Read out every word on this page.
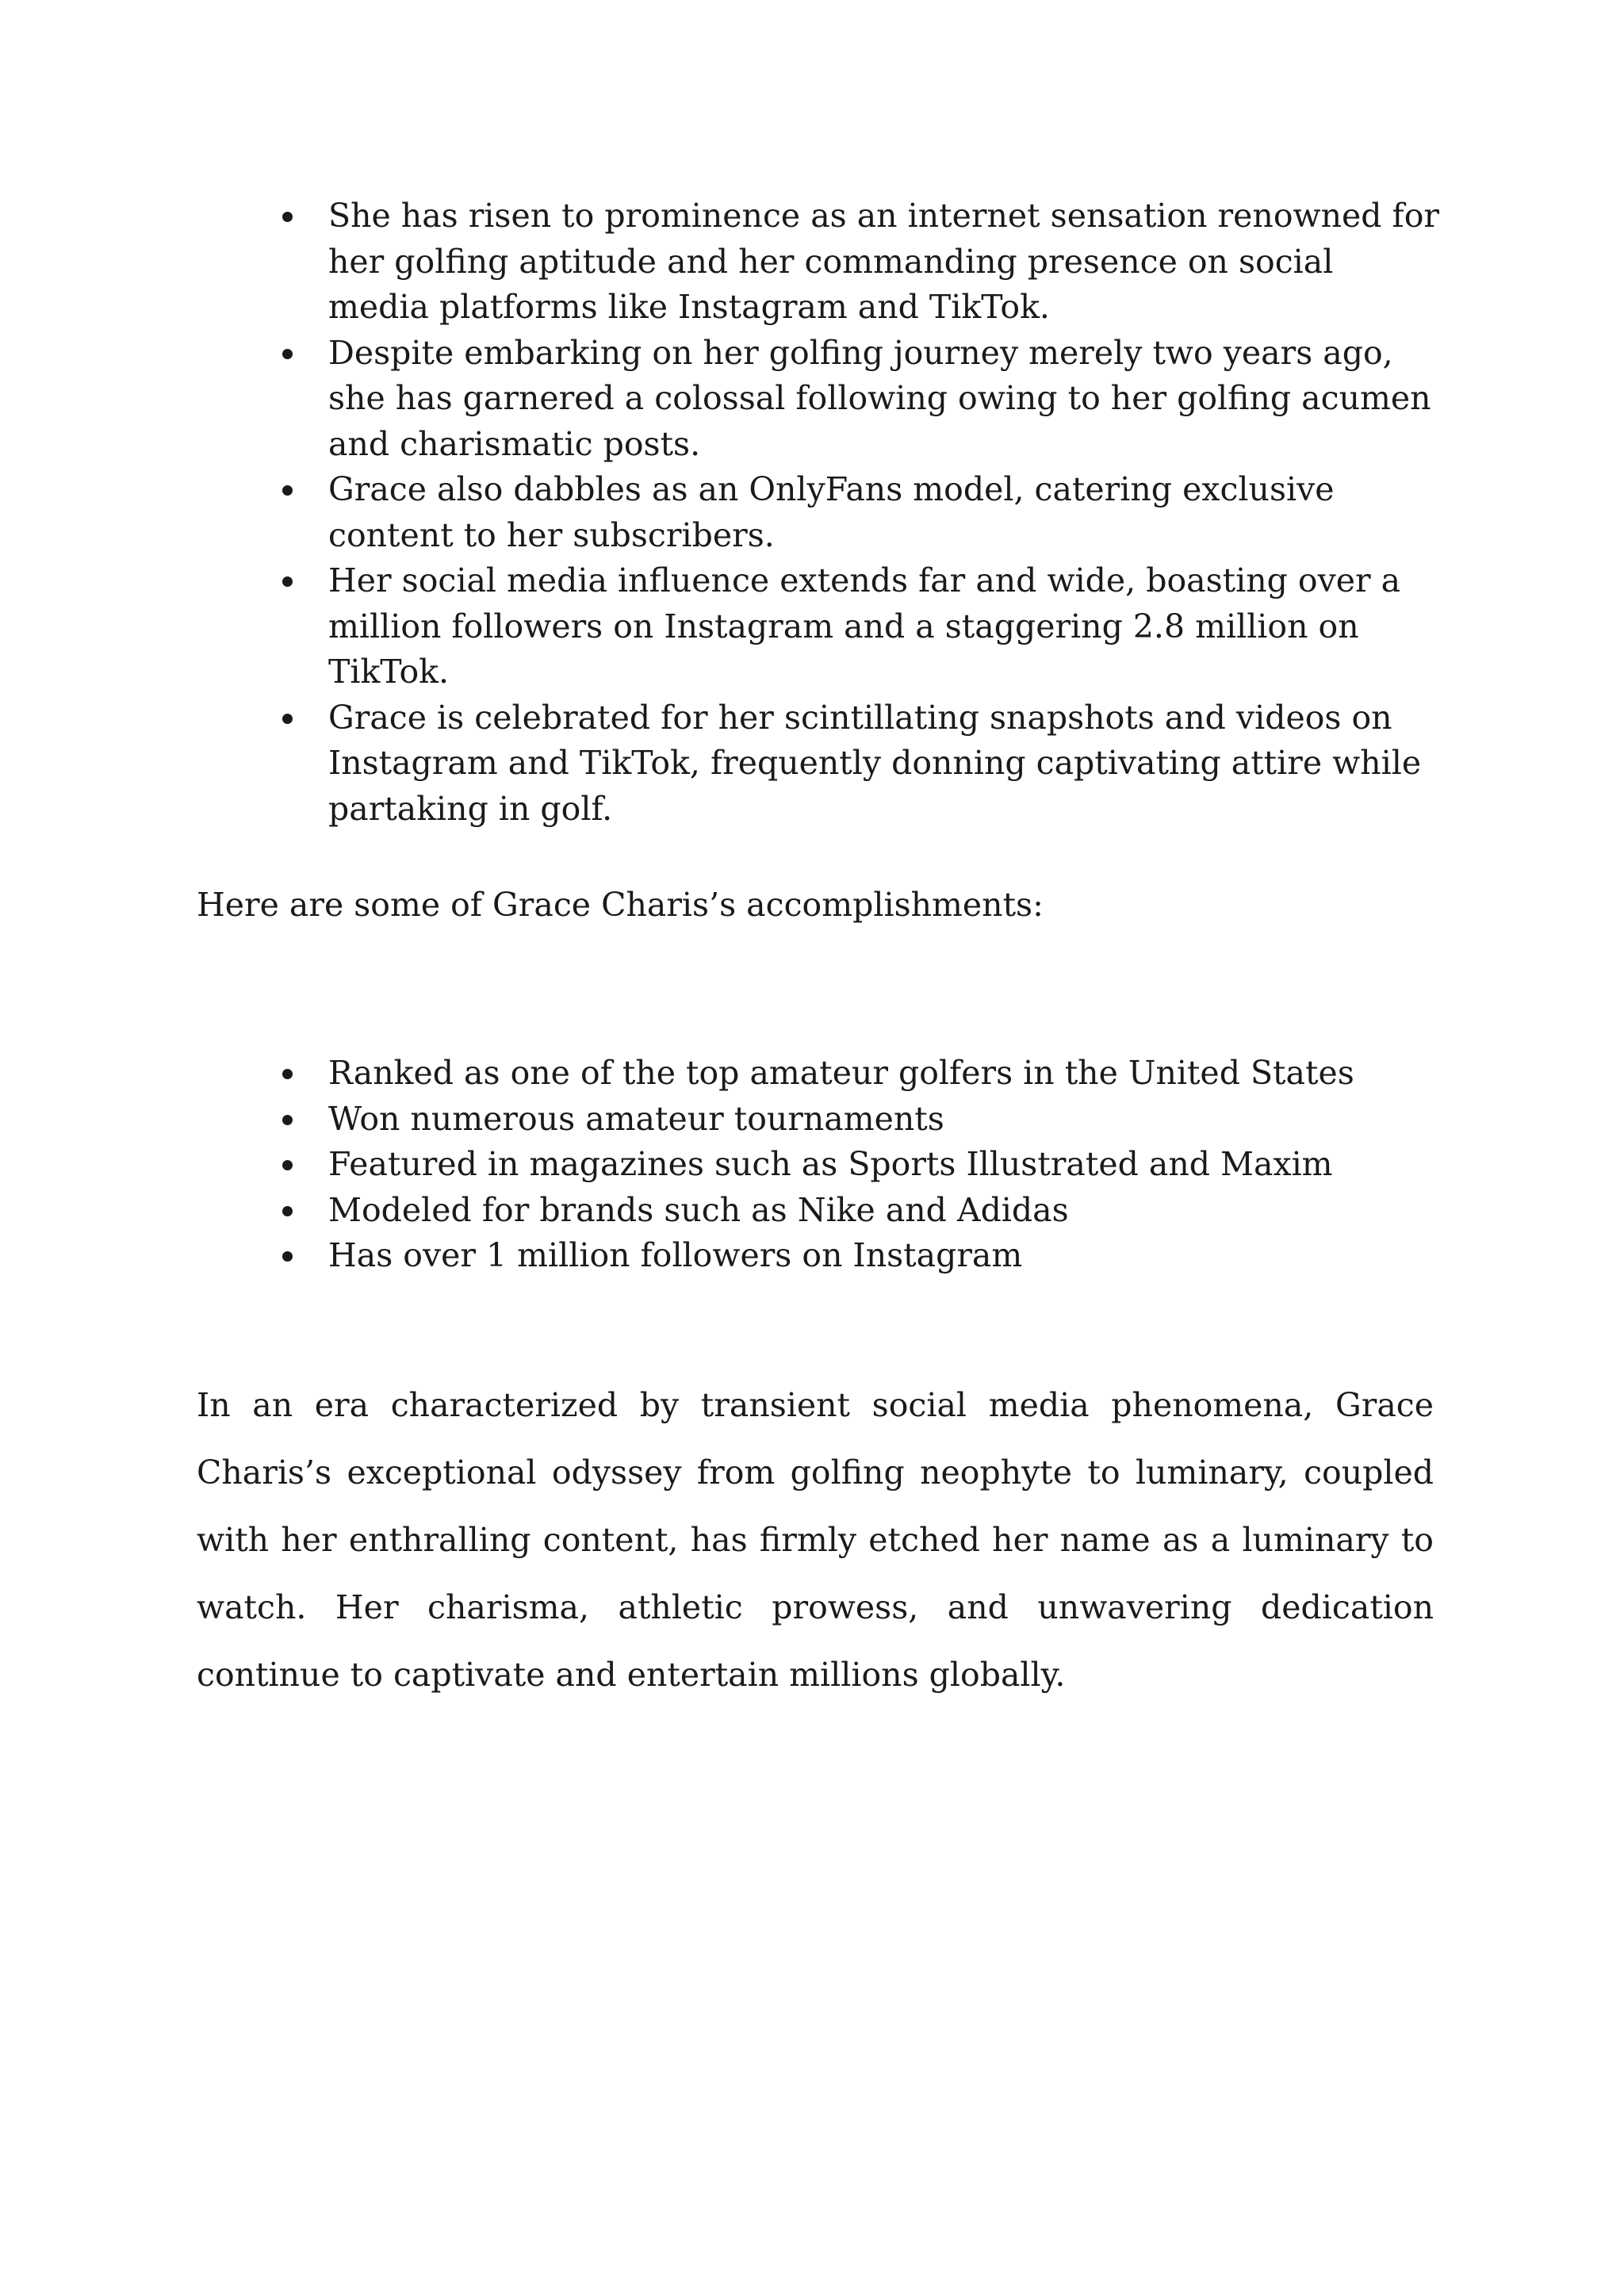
She has risen to prominence as an internet sensation renowned for her golfing aptitude and her commanding presence on social media platforms like Instagram and TikTok.
Despite embarking on her golfing journey merely two years ago, she has garnered a colossal following owing to her golfing acumen and charismatic posts.
Grace also dabbles as an OnlyFans model, catering exclusive content to her subscribers.
Her social media influence extends far and wide, boasting over a million followers on Instagram and a staggering 2.8 million on TikTok.
Grace is celebrated for her scintillating snapshots and videos on Instagram and TikTok, frequently donning captivating attire while partaking in golf.

Here are some of Grace Charis’s accomplishments:

Ranked as one of the top amateur golfers in the United States
Won numerous amateur tournaments
Featured in magazines such as Sports Illustrated and Maxim
Modeled for brands such as Nike and Adidas
Has over 1 million followers on Instagram

In an era characterized by transient social media phenomena, Grace Charis’s exceptional odyssey from golfing neophyte to luminary, coupled with her enthralling content, has firmly etched her name as a luminary to watch. Her charisma, athletic prowess, and unwavering dedication continue to captivate and entertain millions globally.
